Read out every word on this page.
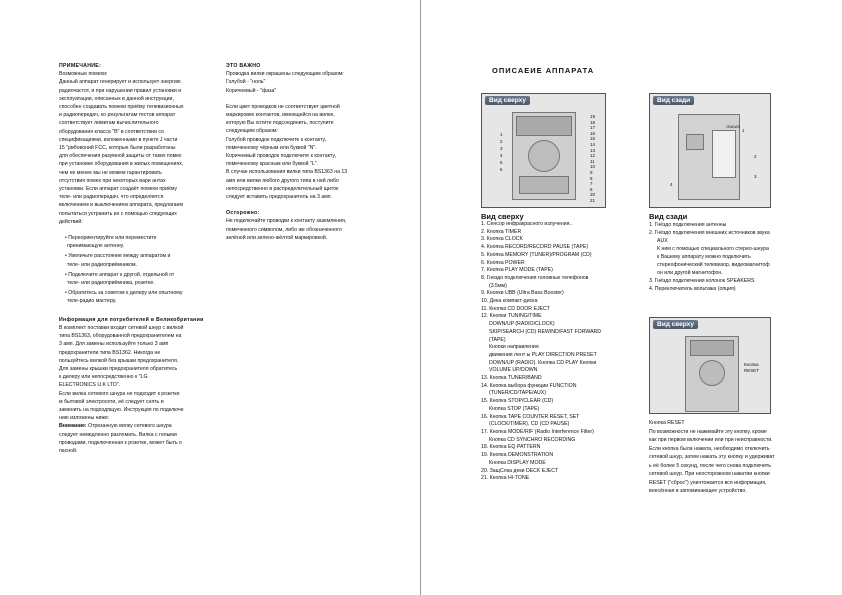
ПРИМЕЧАНИЕ:
Возможные помехи:
Данный аппарат генерирует и использует энергию
радиочастот, и при нарушении правил установки и
эксплуатации, описанных в данной инструкции,
способен создавать помехи приёму телевизионных
и радиопередач, хо результатам тестов аппарат
соответствует лимитам вычислительного
оборудования класса "В" в соответствии со
спецификациями, изложенными в пункте J части
15 "рвбовоний FCC, которые были разработаны
для обеспечения разумной защиты от таких помех
при установке оборудования в жилых помещениях,
чем не менее мы не можем гарантировать
отсутствия помех при некоторых вари антах
установки. Если аппарат создаёт помехи приёму
теле- или радиопередач, что определяется
включением и выключением аппарата, предлагаем
попытаться устранить их с помощью следующих
действий:
• Переориентируйте или переместите
принимающую антенну.
• Увеличьте расстояние между аппаратом и
теле- или радиоприёмником.
• Подключите аппарат к другой, отдельной от
теле- или радиоприёмника, розетке.
• Обратитесь за советом к дилеру или опытному
теле-радио мастеру.
Информация для потребителей в Великобритании
В комплект поставки входит сетевой шнур с вилкой
типа BS1363, оборудованной предохранителем на
3 амп. Для замены используйте только 3 амп
предохранители типа BS1362. Никогда не
пользуйтесь вилкой без крышки предохранителя.
Для замены крышки предохранителя обратитесь
к дилеру или непосредственно к "LG
ELECTRONICS U.K LTD".
Если вилка сетевого шнура не подходит к розетке
м бытовой электросети, её следует снять и
заменить на подходящую. Инструкция по подключе
нию изложены ниже:
Внимание: Отрезанную вилку сетевого шнура
следует немедленно разломать. Вилка с голыми
проводами, подключенная к розетке, может быть о
пасной.
ЭТО ВАЖНО
Проводка вилки окрашены следующим образом:
Голубой - "ноль"
Коричневый - "фаза"
Если цвет проводков не соответствует цветной
маркировке контактов, имеющейся на вилке,
которую Вы хотите подсоединить, поступите
следующим образом:
Голубой проводок подключите к контакту,
помеченному чёрным или буквой "N".
Коричневый проводок подключите к контакту,
помеченному красным или буквой "L".
В случае использования вилки типа BS1363 на 13
амп или вилки любого другого типа в ней либо
непосредственно в распределительный щиток
следует вставить предохранитель на 3 амп.
Осторожно:
Не подключайте проводки к контакту заземления,
помеченного символом, либо же обозначенного
зелёной или зелено-жёлтой маркировкой.
ОПИСАЕИЕ АППАРАТА
Вид сверху
19
18
17
16
15
14
13
12
11
10
9
8
7
6
20
21
1
2
3
4
5
6
Вид сзади
ONDAS
1
2
3
4
Вид сверху
Кнопка
RESET
Вид сверху
1. Сенсор инфракрасного излучения..
2. Кнопка TIMER
3. Кнопка CLOCK
4. Кнопка RECORD/RECORD PAUSE (TAPE)
5. Кнопка MEMORY (TUNER)/PROGRAM (CD)
6. Кнопка POWER
7. Кнопка PLAY MODE (TAPE)
8. Гнездо подключения головных телефонов
(3.5мм)
9. Кнопки UBB (Ultra Bass Booster)
10. Дека компакт-диска
11. Кнопка CD DOOR EJECT
12. Кнопки TUNING/TIME
DOWN/UP (RADIO/CLOCK)
SKIP/SEARCH (CD) REWIND/FAST FORWARD
(TAPE)
Кнопки направления
движения лент ы PLAY DIRECTION PRESET
DOWN/UP (RADIO). Кнопка CD PLAY Кнопки
VOLUME UP/DOWN
13. Кнопка TUNER/BAND
14. Кнопка выбора функции FUNCTION
(TUNER/CD/TAPE/AUX)
15. Кнопка STOP/CLEAR (CD)
Кнопка STOP (TAPE)
16. Кнопка TAPE COUNTER RESET, SET
(CLOCK/TIMER), CD (CD PAUSE)
17. Кнопка MODE/RIF (Radio Interference Filter)
Кнопка CD SYNCHRO RECORDING
18. Кнопка EQ PATTERN
19. Кнопка DEMONSTRATION
Кнопка DISPLAY MODE
20. ЗащСлка деки DECK EJECT
21. Кнопка HI-TONE
Вид сзади
1. Гнёздо подключения антенны
2. Гнёздо подключения внешних источников звука
AUX
К ним с помощью специального стерео-шнура
к Вашему аппарату можно подключить
стереофонический телевизор, видеомагнитоф
он или другой магнитофон.
3. Гнёздо подключения колонок SPEAKERS
4. Переключатель вольтажа (опция)
Кнопка RESET
По возможности не нажимайте эту кнопку, кроме
как при первом включении или при неисправности.
Если кнопка была нажата, необходимо отключить
сетевой шнур, затем нажать эту кнопку и удерживат
ь её более 5 секунд, после чего снова подключить
сетевой шнур. При неосторожном нажатии кнопки
RESET ("сброс") уничтожается вся информация,
внесённая в запоминающее устройство.
